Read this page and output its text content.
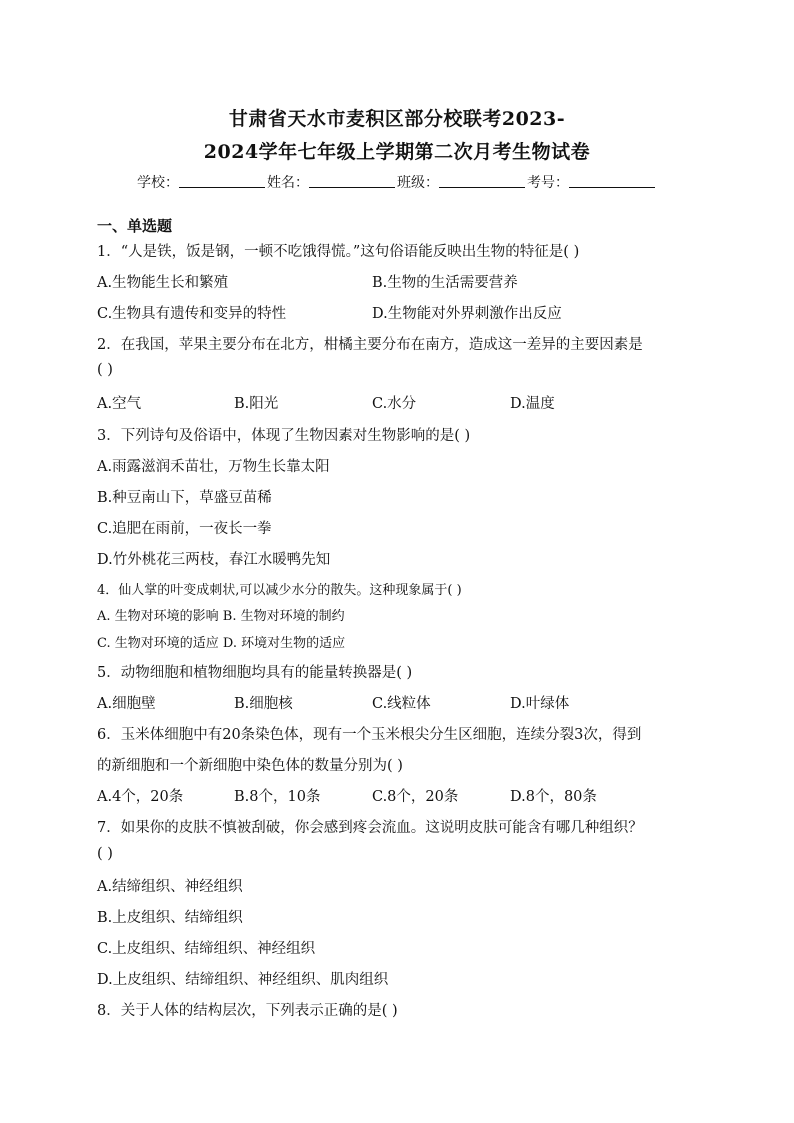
甘肃省天水市麦积区部分校联考2023-
2024学年七年级上学期第二次月考生物试卷
学校：	姓名：	班级：	考号：
一、单选题
1．“人是铁，饭是钢，一顿不吃饿得慌。”这句俗语能反映出生物的特征是( )
A.生物能生长和繁殖	B.生物的生活需要营养
C.生物具有遗传和变异的特性	D.生物能对外界刺激作出反应
2．在我国，苹果主要分布在北方，柑橘主要分布在南方，造成这一差异的主要因素是
( )
A.空气	B.阳光	C.水分	D.温度
3．下列诗句及俗语中，体现了生物因素对生物影响的是( )
A.雨露滋润禾苗壮，万物生长靠太阳
B.种豆南山下，草盛豆苗稀
C.追肥在雨前，一夜长一拳
D.竹外桃花三两枝，春江水暖鸭先知
4．仙人掌的叶变成刺状,可以减少水分的散失。这种现象属于( )
A. 生物对环境的影响 B. 生物对环境的制约
C. 生物对环境的适应 D. 环境对生物的适应
5．动物细胞和植物细胞均具有的能量转换器是( )
A.细胞壁	B.细胞核	C.线粒体	D.叶绿体
6．玉米体细胞中有20条染色体，现有一个玉米根尖分生区细胞，连续分裂3次，得到
的新细胞和一个新细胞中染色体的数量分别为( )
A.4个，20条	B.8个，10条	C.8个，20条	D.8个，80条
7．如果你的皮肤不慎被刮破，你会感到疼会流血。这说明皮肤可能含有哪几种组织？
( )
A.结缔组织、神经组织
B.上皮组织、结缔组织
C.上皮组织、结缔组织、神经组织
D.上皮组织、结缔组织、神经组织、肌肉组织
8．关于人体的结构层次，下列表示正确的是( )
